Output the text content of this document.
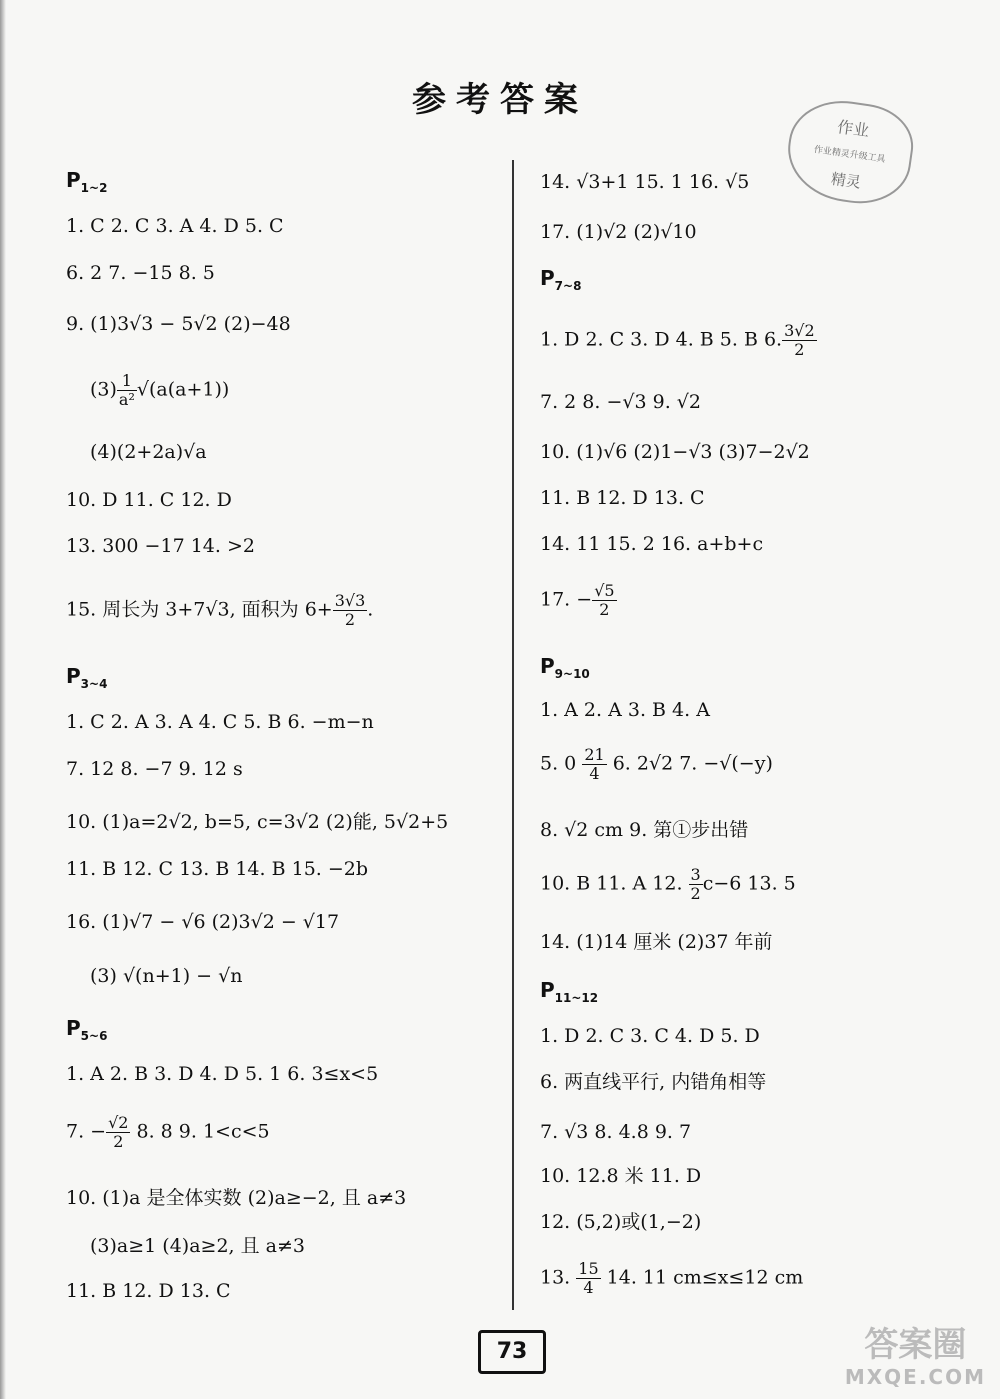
参考答案
作业
作业精灵升级工具
精灵
$P_{1\sim 2}$
1. C 2. C 3. A 4. D 5. C
6. 2 7. −15 8. 5
9. (1)3√3 − 5√2 (2)−48
$(3) \frac{1}{\text{a²}} √(a(a+1))$
(4)(2+2a)√a
10. D 11. C 12. D
13. 300 −17 14. >2
15. 周长为 3+7√3, 面积为 $6+ \frac{3√3}{2}$ .
$P_{3\sim 4}$
1. C 2. A 3. A 4. C 5. B 6. −m−n
7. 12 8. −7 9. 12 s
10. (1)a=2√2, b=5, c=3√2 (2)能, 5√2+5
11. B 12. C 13. B 14. B 15. −2b
16. (1)√7 − √6 (2)3√2 − √17
(3) √(n+1) − √n
$P_{5\sim 6}$
1. A 2. B 3. D 4. D 5. 1 6. 3≤x<5
7. − $\frac{√2}{2} 8$. 8 9. 1<c<5
10. (1)a 是全体实数 (2)a≥−2, 且 a≠3
(3)a≥1 (4)a≥2, 且 a≠3
11. B 12. D 13. C
14. √3+1 15. 1 16. √5
17. (1)√2 (2)√10
$P_{7\sim 8}$
1. D 2. C 3. D 4. B 5. B 6. $\frac{3√2}{2}$
7. 2 8. −√3 9. √2
10. (1)√6 (2)1−√3 (3)7−2√2
11. B 12. D 13. C
14. 11 15. 2 16. a+b+c
17. − $\frac{√5}{2}$
$P_{9\sim 10}$
1. A 2. A 3. B 4. A
5. $0 \frac{21}{4} 6$. 2√2 7. −√(−y)
8. √2 cm 9. 第①步出错
10. B 11. A 12. $\frac{3}{2} c-6$ 13. 5
14. (1)14 厘米 (2)37 年前
$P_{11\sim 12}$
1. D 2. C 3. C 4. D 5. D
6. 两直线平行, 内错角相等
7. √3 8. 4.8 9. 7
10. 12.8 米 11. D
12. (5,2)或(1,−2)
13. $\frac{15}{4} 14$. 11 cm≤x≤12 cm
73	答案圈
MXQE.COM
